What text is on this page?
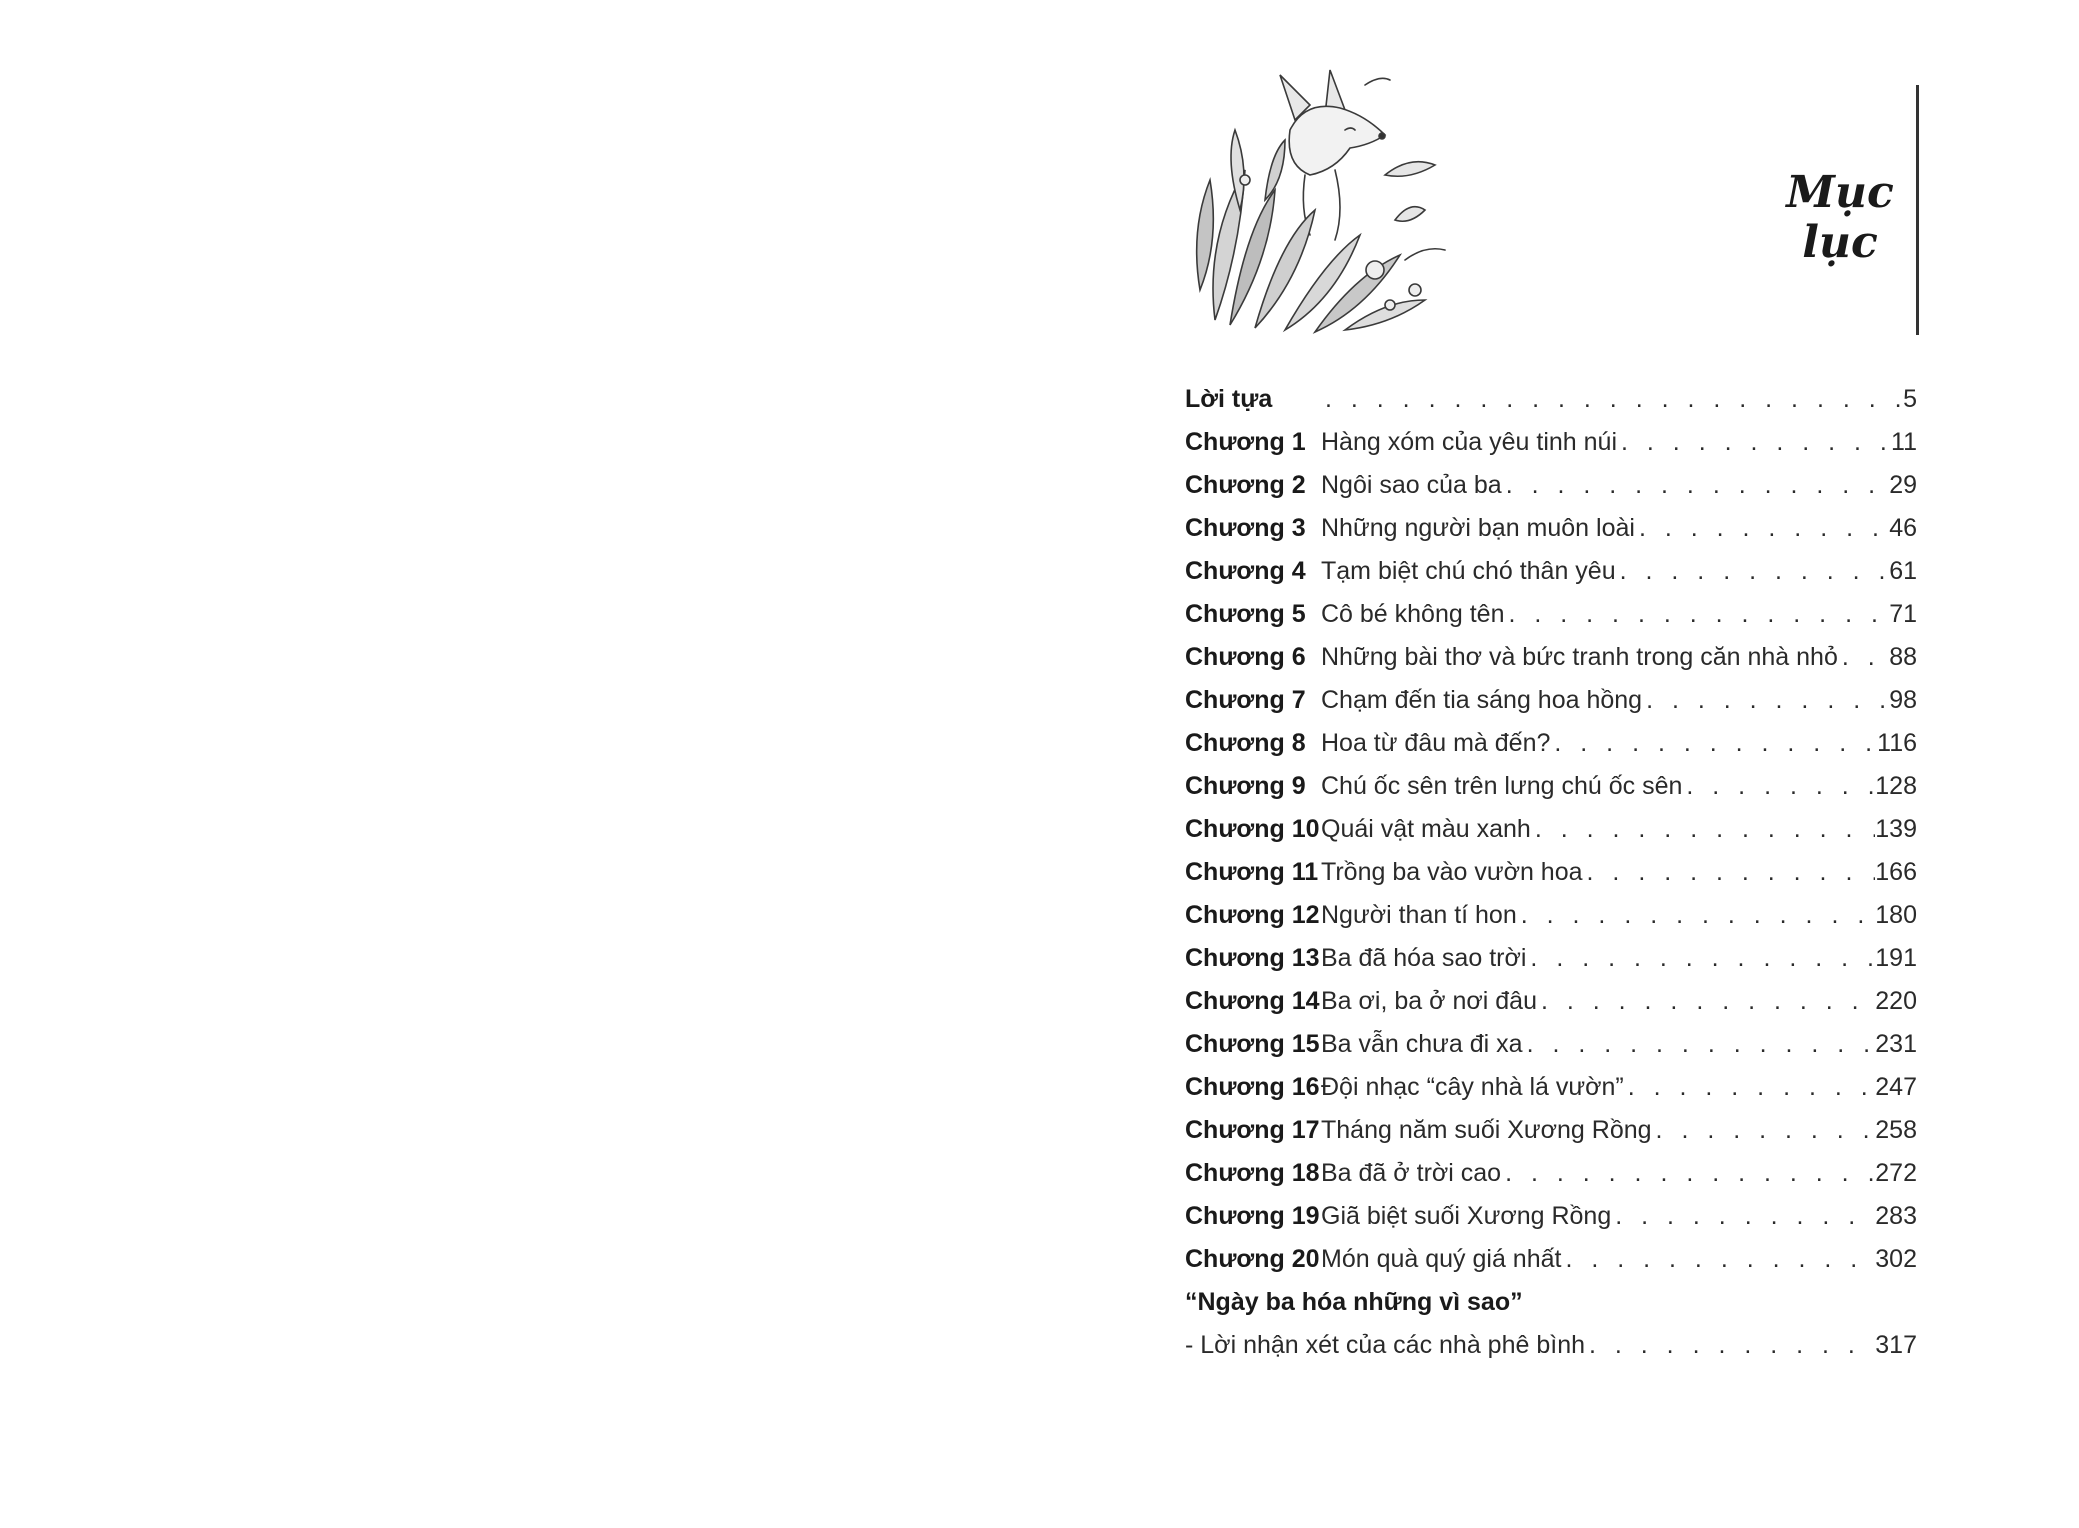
Mục
lục
Lời tựa . . .	5
Chương 1 Hàng xóm của yêu tinh núi . . .	11
Chương 2 Ngôi sao của ba . . .	29
Chương 3 Những người bạn muôn loài . . .	46
Chương 4 Tạm biệt chú chó thân yêu . . .	61
Chương 5 Cô bé không tên . . .	71
Chương 6 Những bài thơ và bức tranh trong căn nhà nhỏ . . . 88
Chương 7 Chạm đến tia sáng hoa hồng . . .	98
Chương 8 Hoa từ đâu mà đến? . . .	116
Chương 9 Chú ốc sên trên lưng chú ốc sên . . .	128
Chương 10 Quái vật màu xanh . . .	139
Chương 11 Trồng ba vào vườn hoa . . .	166
Chương 12 Người than tí hon . . .	180
Chương 13 Ba đã hóa sao trời . . .	191
Chương 14 Ba ơi, ba ở nơi đâu . . .	220
Chương 15 Ba vẫn chưa đi xa . . .	231
Chương 16 Đội nhạc “cây nhà lá vườn” . . .	247
Chương 17 Tháng năm suối Xương Rồng . . .	258
Chương 18 Ba đã ở trời cao . . .	272
Chương 19 Giã biệt suối Xương Rồng . . .	283
Chương 20 Món quà quý giá nhất . . .	302
“Ngày ba hóa những vì sao”
- Lời nhận xét của các nhà phê bình . . .	317
